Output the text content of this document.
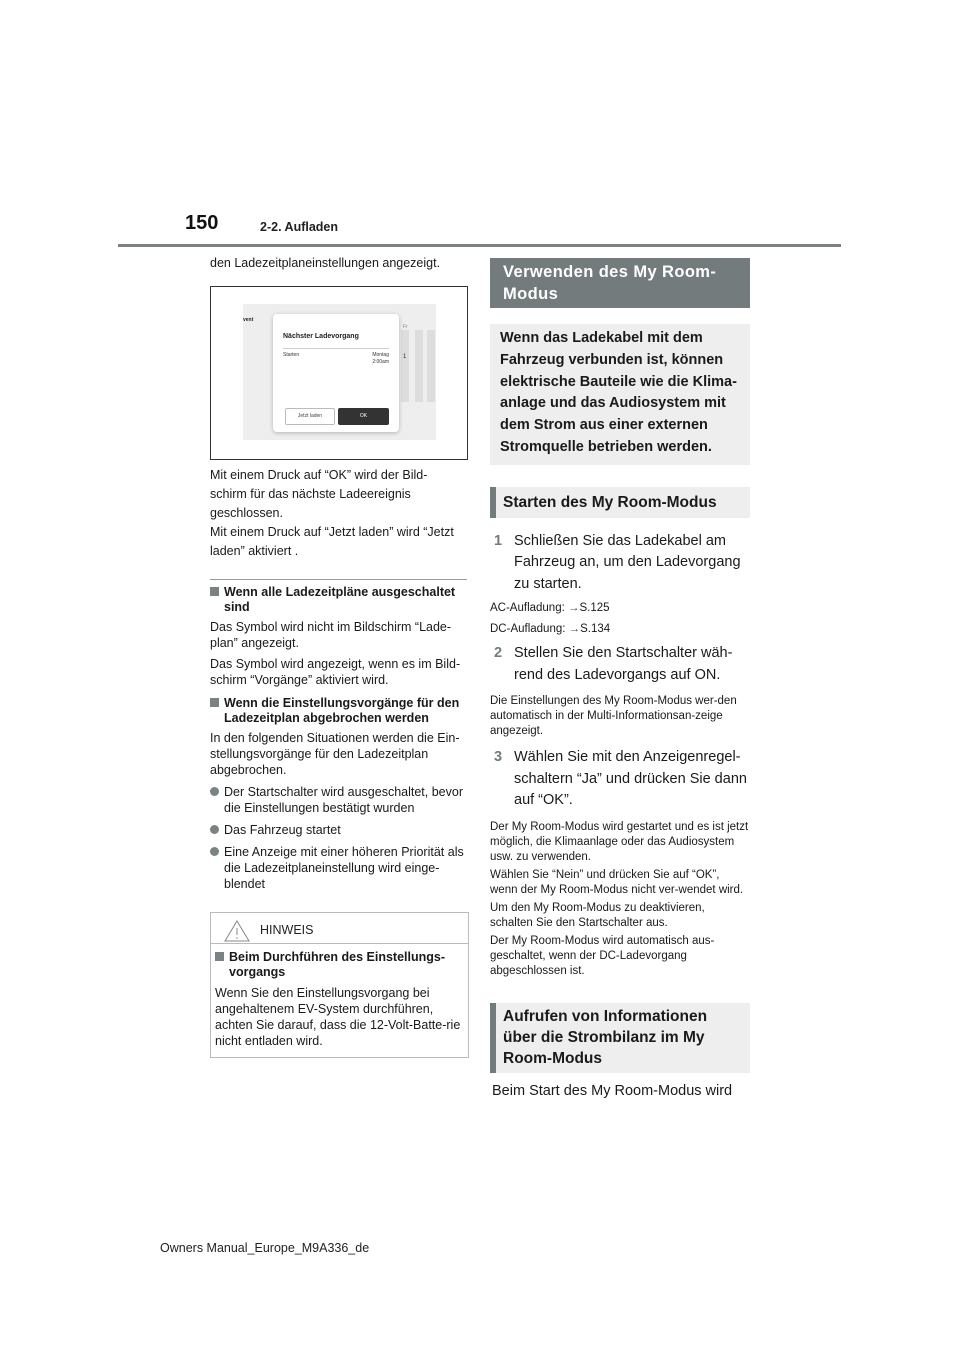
150	2-2. Aufladen

den Ladezeitplaneinstellungen angezeigt.

vent
Fr
1
Nächster Ladevorgang
Starten	Montag
2:00am
Jetzt laden	OK

Mit einem Druck auf “OK” wird der Bild-

schirm für das nächste Ladeereignis

geschlossen.

Mit einem Druck auf “Jetzt laden” wird “Jetzt

laden” aktiviert .

Wenn alle Ladezeitpläne ausgeschaltet sind
Das Symbol wird nicht im Bildschirm “Lade-plan” angezeigt.
Das Symbol wird angezeigt, wenn es im Bild-schirm “Vorgänge” aktiviert wird.
Wenn die Einstellungsvorgänge für den Ladezeitplan abgebrochen werden
In den folgenden Situationen werden die Ein-stellungsvorgänge für den Ladezeitplan abgebrochen.
Der Startschalter wird ausgeschaltet, bevor die Einstellungen bestätigt wurden
Das Fahrzeug startet
Eine Anzeige mit einer höheren Priorität als die Ladezeitplaneinstellung wird einge-blendet
HINWEIS
Beim Durchführen des Einstellungs-vorgangs
Wenn Sie den Einstellungsvorgang bei angehaltenem EV-System durchführen, achten Sie darauf, dass die 12-Volt-Batte-rie nicht entladen wird.
Verwenden des My Room-Modus
Wenn das Ladekabel mit dem Fahrzeug verbunden ist, können elektrische Bauteile wie die Klima-anlage und das Audiosystem mit dem Strom aus einer externen Stromquelle betrieben werden.
Starten des My Room-Modus
1 Schließen Sie das Ladekabel am Fahrzeug an, um den Ladevorgang zu starten.
AC-Aufladung: →S.125
DC-Aufladung: →S.134
2 Stellen Sie den Startschalter wäh-rend des Ladevorgangs auf ON.
Die Einstellungen des My Room-Modus wer-den automatisch in der Multi-Informationsan-zeige angezeigt.
3 Wählen Sie mit den Anzeigenregel-schaltern “Ja” und drücken Sie dann auf “OK”.
Der My Room-Modus wird gestartet und es ist jetzt möglich, die Klimaanlage oder das Audiosystem usw. zu verwenden.
Wählen Sie “Nein” und drücken Sie auf “OK”, wenn der My Room-Modus nicht ver-wendet wird.
Um den My Room-Modus zu deaktivieren, schalten Sie den Startschalter aus.
Der My Room-Modus wird automatisch aus-geschaltet, wenn der DC-Ladevorgang abgeschlossen ist.
Aufrufen von Informationen über die Strombilanz im My Room-Modus
Beim Start des My Room-Modus wird
Owners Manual_Europe_M9A336_de
